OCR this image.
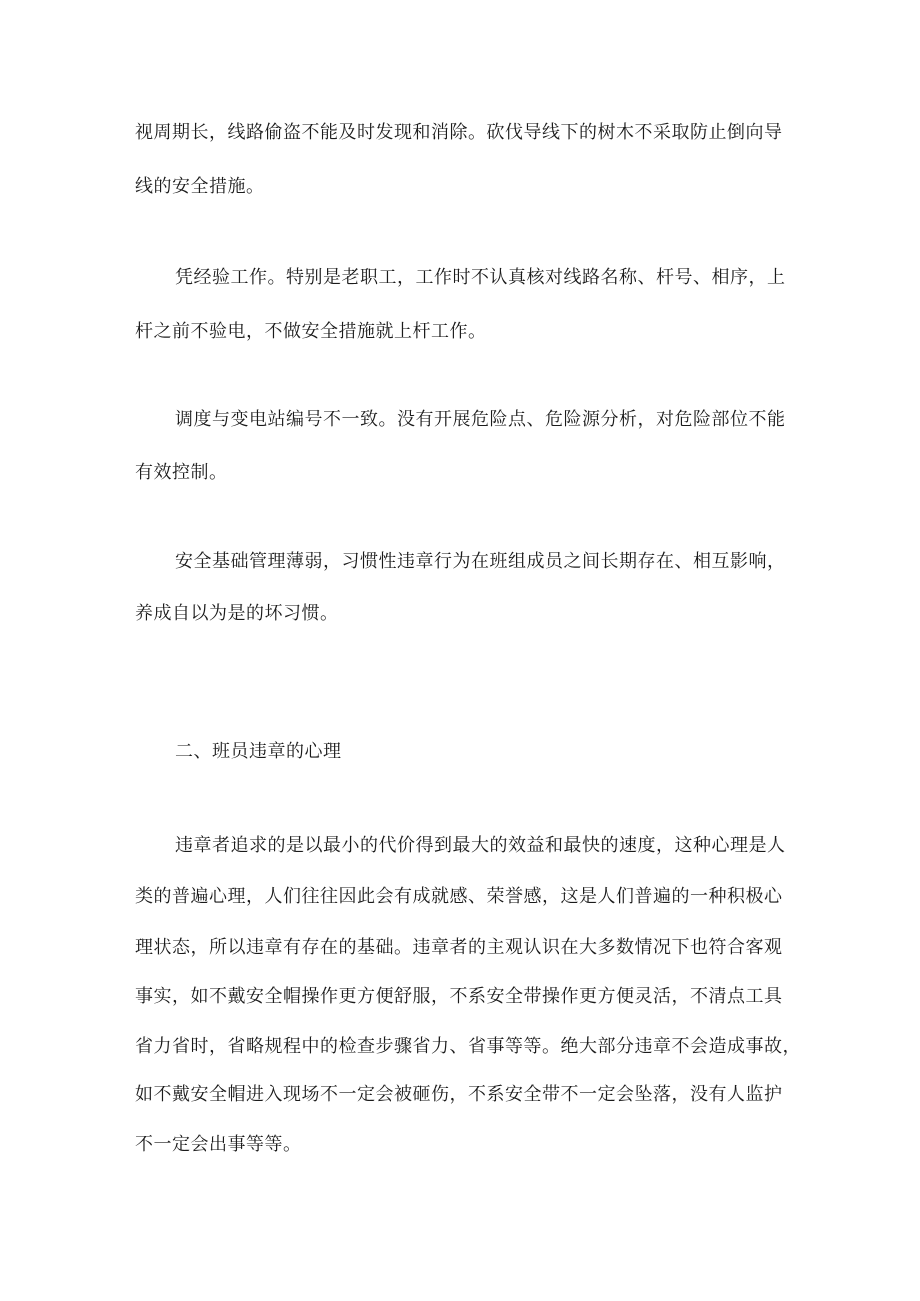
视周期长，线路偷盗不能及时发现和消除。砍伐导线下的树木不采取防止倒向导

线的安全措施。

凭经验工作。特别是老职工，工作时不认真核对线路名称、杆号、相序，上

杆之前不验电，不做安全措施就上杆工作。

调度与变电站编号不一致。没有开展危险点、危险源分析，对危险部位不能

有效控制。

安全基础管理薄弱，习惯性违章行为在班组成员之间长期存在、相互影响，

养成自以为是的坏习惯。

二、班员违章的心理

违章者追求的是以最小的代价得到最大的效益和最快的速度，这种心理是人

类的普遍心理，人们往往因此会有成就感、荣誉感，这是人们普遍的一种积极心

理状态，所以违章有存在的基础。违章者的主观认识在大多数情况下也符合客观

事实，如不戴安全帽操作更方便舒服，不系安全带操作更方便灵活，不清点工具

省力省时，省略规程中的检查步骤省力、省事等等。绝大部分违章不会造成事故，

如不戴安全帽进入现场不一定会被砸伤，不系安全带不一定会坠落，没有人监护

不一定会出事等等。
